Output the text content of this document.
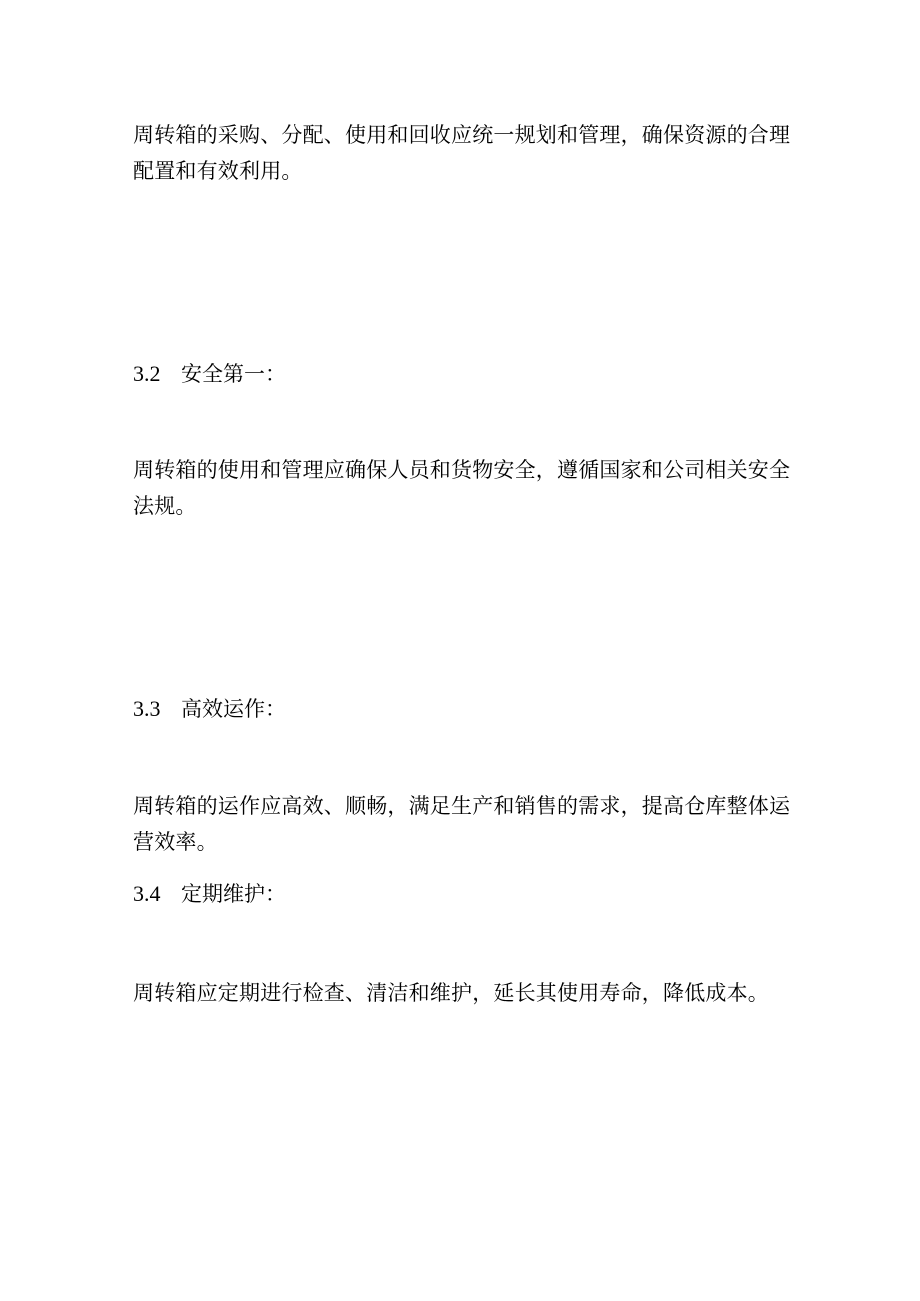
周转箱的采购、分配、使用和回收应统一规划和管理，确保资源的合理配置和有效利用。

3.2 安全第一：

周转箱的使用和管理应确保人员和货物安全，遵循国家和公司相关安全法规。

3.3 高效运作：

周转箱的运作应高效、顺畅，满足生产和销售的需求，提高仓库整体运营效率。

3.4 定期维护：

周转箱应定期进行检查、清洁和维护，延长其使用寿命，降低成本。
